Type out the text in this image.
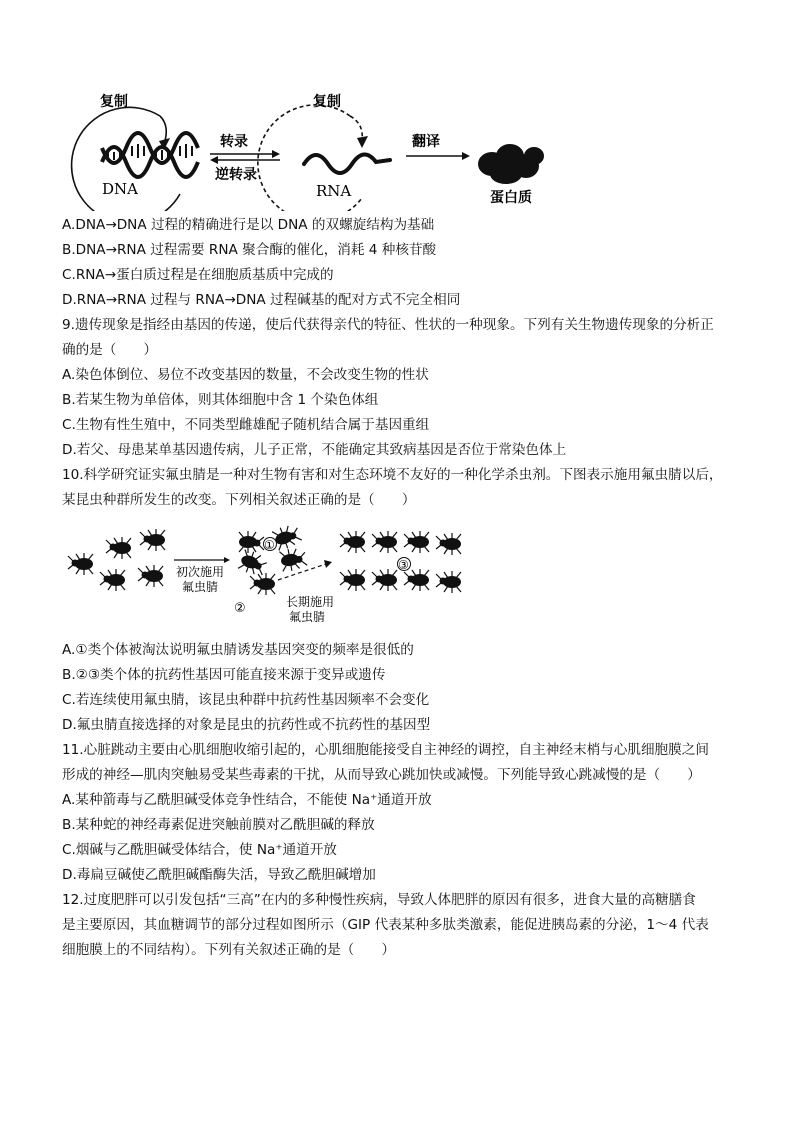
复制
DNA
转录
逆转录
复制
RNA
翻译
蛋白质
A.DNA→DNA 过程的精确进行是以 DNA 的双螺旋结构为基础
B.DNA→RNA 过程需要 RNA 聚合酶的催化，消耗 4 种核苷酸
C.RNA→蛋白质过程是在细胞质基质中完成的
D.RNA→RNA 过程与 RNA→DNA 过程碱基的配对方式不完全相同
9.遗传现象是指经由基因的传递，使后代获得亲代的特征、性状的一种现象。下列有关生物遗传现象的分析正
确的是（　　）
A.染色体倒位、易位不改变基因的数量，不会改变生物的性状
B.若某生物为单倍体，则其体细胞中含 1 个染色体组
C.生物有性生殖中，不同类型雌雄配子随机结合属于基因重组
D.若父、母患某单基因遗传病，儿子正常，不能确定其致病基因是否位于常染色体上
10.科学研究证实氟虫腈是一种对生物有害和对生态环境不友好的一种化学杀虫剂。下图表示施用氟虫腈以后，
某昆虫种群所发生的改变。下列相关叙述正确的是（　　）
初次施用
氟虫腈
①
②	长期施用
氟虫腈
③
A.①类个体被淘汰说明氟虫腈诱发基因突变的频率是很低的
B.②③类个体的抗药性基因可能直接来源于变异或遗传
C.若连续使用氟虫腈，该昆虫种群中抗药性基因频率不会变化
D.氟虫腈直接选择的对象是昆虫的抗药性或不抗药性的基因型
11.心脏跳动主要由心肌细胞收缩引起的，心肌细胞能接受自主神经的调控，自主神经末梢与心肌细胞膜之间
形成的神经—肌肉突触易受某些毒素的干扰，从而导致心跳加快或减慢。下列能导致心跳减慢的是（　　）
A.某种箭毒与乙酰胆碱受体竞争性结合，不能使 Na⁺通道开放
B.某种蛇的神经毒素促进突触前膜对乙酰胆碱的释放
C.烟碱与乙酰胆碱受体结合，使 Na⁺通道开放
D.毒扁豆碱使乙酰胆碱酯酶失活，导致乙酰胆碱增加
12.过度肥胖可以引发包括“三高”在内的多种慢性疾病，导致人体肥胖的原因有很多，进食大量的高糖膳食
是主要原因，其血糖调节的部分过程如图所示（GIP 代表某种多肽类激素，能促进胰岛素的分泌，1～4 代表
细胞膜上的不同结构）。下列有关叙述正确的是（　　）
